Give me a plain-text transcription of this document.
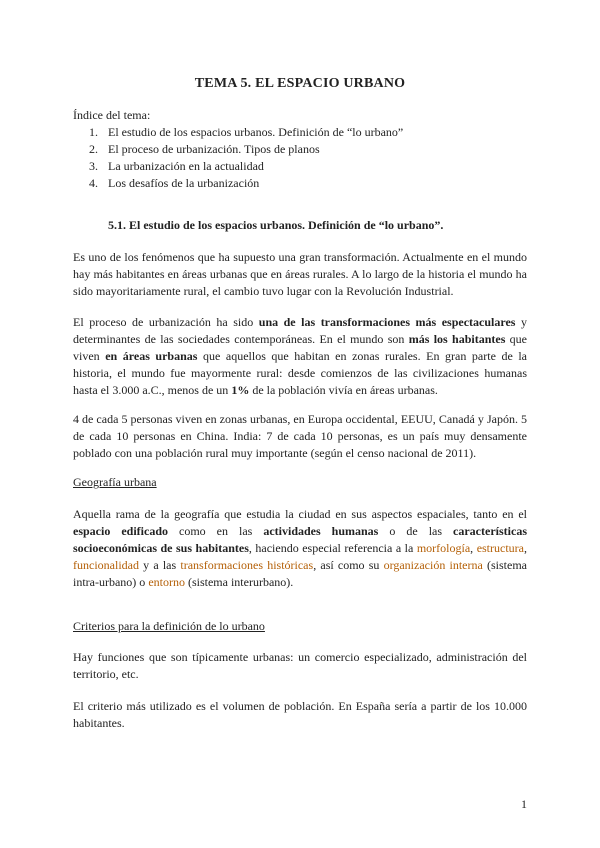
TEMA 5. EL ESPACIO URBANO
Índice del tema:
1. El estudio de los espacios urbanos. Definición de “lo urbano”
2. El proceso de urbanización. Tipos de planos
3. La urbanización en la actualidad
4. Los desafíos de la urbanización
5.1. El estudio de los espacios urbanos. Definición de “lo urbano”.

Es uno de los fenómenos que ha supuesto una gran transformación. Actualmente en el mundo hay más habitantes en áreas urbanas que en áreas rurales. A lo largo de la historia el mundo ha sido mayoritariamente rural, el cambio tuvo lugar con la Revolución Industrial.

El proceso de urbanización ha sido una de las transformaciones más espectaculares y determinantes de las sociedades contemporáneas. En el mundo son más los habitantes que viven en áreas urbanas que aquellos que habitan en zonas rurales. En gran parte de la historia, el mundo fue mayormente rural: desde comienzos de las civilizaciones humanas hasta el 3.000 a.C., menos de un 1% de la población vivía en áreas urbanas.

4 de cada 5 personas viven en zonas urbanas, en Europa occidental, EEUU, Canadá y Japón. 5 de cada 10 personas en China. India: 7 de cada 10 personas, es un país muy densamente poblado con una población rural muy importante (según el censo nacional de 2011).

Geografía urbana

Aquella rama de la geografía que estudia la ciudad en sus aspectos espaciales, tanto en el espacio edificado como en las actividades humanas o de las características socioeconómicas de sus habitantes, haciendo especial referencia a la morfología, estructura, funcionalidad y a las transformaciones históricas, así como su organización interna (sistema intra-urbano) o entorno (sistema interurbano).

Criterios para la definición de lo urbano

Hay funciones que son típicamente urbanas: un comercio especializado, administración del territorio, etc.

El criterio más utilizado es el volumen de población. En España sería a partir de los 10.000 habitantes.

1
